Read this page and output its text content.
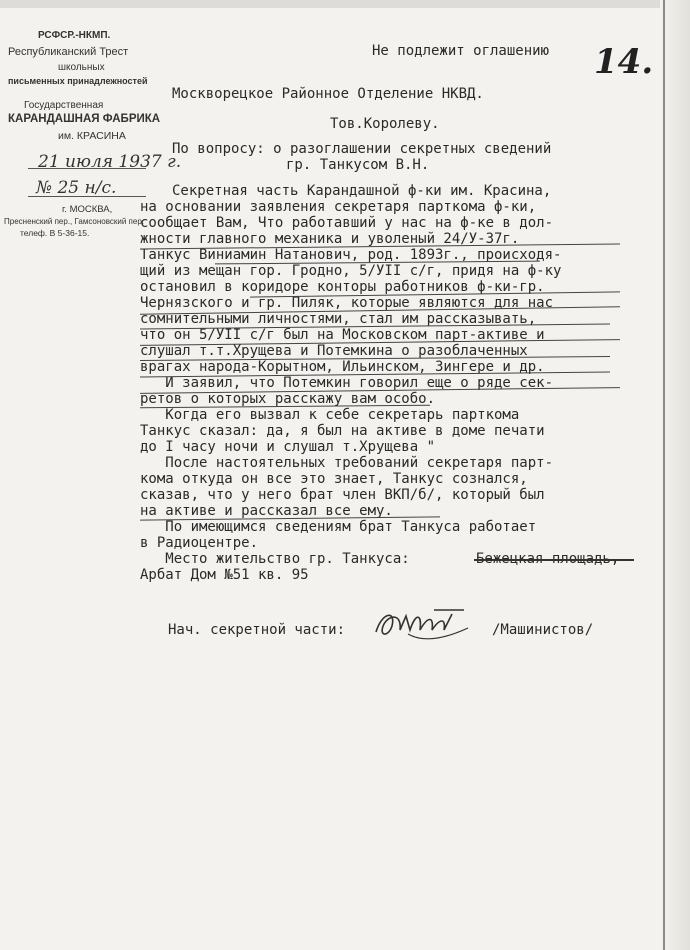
РСФСР.-НКМП.
Республиканский Трест
школьных
письменных принадлежностей
Государственная
КАРАНДАШНАЯ ФАБРИКА
им. КРАСИНА
21 июля 1937 г.
№ 25 н/с.
г. МОСКВА,
Пресненский пер., Гамсоновский пер.
телеф. В 5-36-15.
14.
Не подлежит оглашению
Москворецкое Районное Отделение НКВД.
Тов.Королеву.
По вопросу: о разоглашении секретных сведений
гр. Танкусом В.Н.
Секретная часть Карандашной ф-ки им. Красина,
на основании заявления секретаря парткома ф-ки,
сообщает Вам, Что работавший у нас на ф-ке в дол-
жности главного механика и уволеный 24/У-37г.
Танкус Виниамин Натанович, род. 1893г., происходя-
щий из мещан гор. Гродно, 5/УII с/г, придя на ф-ку
остановил в коридоре конторы работников ф-ки-гр.
Чернязского и гр. Пиляк, которые являются для нас
сомнительными личностями, стал им рассказывать,
что он 5/УII с/г был на Московском парт-активе и
слушал т.т.Хрущева и Потемкина о разоблаченных
врагах народа-Корытном, Ильинском, Зингере и др.
И заявил, что Потемкин говорил еще о ряде сек-
ретов о которых расскажу вам особо.
Когда его вызвал к себе секретарь парткома
Танкус сказал: да, я был на активе в доме печати
до I часу ночи и слушал т.Хрущева "
После настоятельных требований секретаря парт-
кома откуда он все это знает, Танкус сознался,
сказав, что у него брат член ВКП/б/, который был
на активе и рассказал все ему.
По имеющимся сведениям брат Танкуса работает
в Радиоцентре.
Место жительство гр. Танкуса:	Бежецкая площадь,
Арбат Дом №51 кв. 95
Нач. секретной части:	/Машинистов/
